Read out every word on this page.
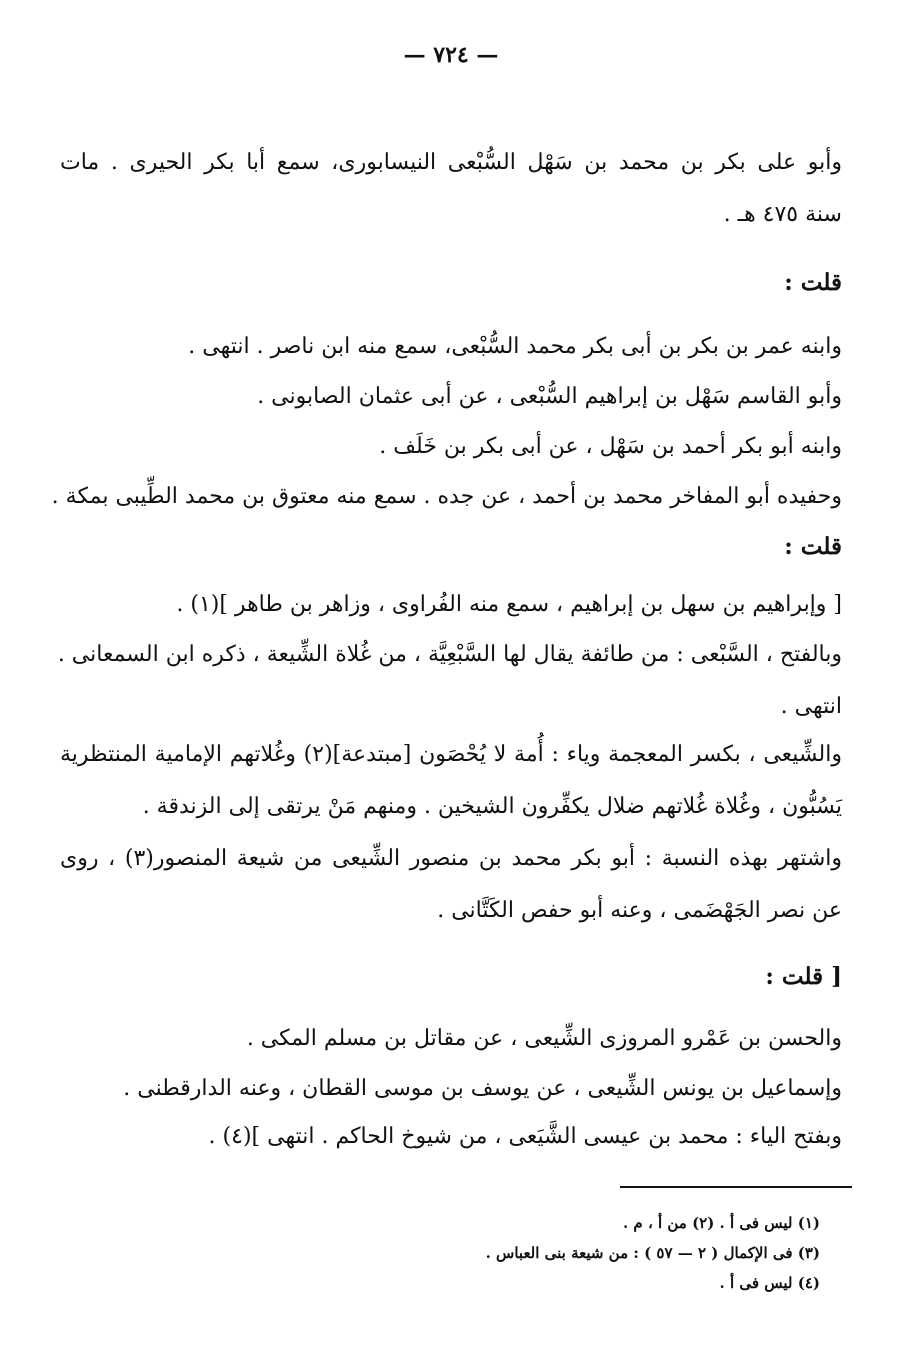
— ٧٢٤ —
وأبو على بكر بن محمد بن سَهْل السُّبْعى النيسابورى، سمع أبا بكر الحيرى . مات
سنة ٤٧٥ هـ .
قلت :
وابنه عمر بن بكر بن أبى بكر محمد السُّبْعى، سمع منه ابن ناصر . انتهى .
وأبو القاسم سَهْل بن إبراهيم السُّبْعى ، عن أبى عثمان الصابونى .
وابنه أبو بكر أحمد بن سَهْل ، عن أبى بكر بن خَلَف .
وحفيده أبو المفاخر محمد بن أحمد ، عن جده . سمع منه معتوق بن محمد الطِّيبى بمكة .
قلت :
[ وإبراهيم بن سهل بن إبراهيم ، سمع منه الفُراوى ، وزاهر بن طاهر ](١) .
وبالفتح ، السَّبْعى : من طائفة يقال لها السَّبْعِيَّة ، من غُلاة الشِّيعة ، ذكره ابن السمعانى .
انتهى .
والشِّيعى ، بكسر المعجمة وياء : أُمة لا يُحْصَون [مبتدعة](٢) وغُلاتهم الإمامية المنتظرية
يَسُبُّون ، وغُلاة غُلاتهم ضلال يكفِّرون الشيخين . ومنهم مَنْ يرتقى إلى الزندقة .
واشتهر بهذه النسبة : أبو بكر محمد بن منصور الشِّيعى من شيعة المنصور(٣) ، روى
عن نصر الجَهْضَمى ، وعنه أبو حفص الكَتَّانى .
[ قلت :
والحسن بن عَمْرو المروزى الشِّيعى ، عن مقاتل بن مسلم المكى .
وإسماعيل بن يونس الشِّيعى ، عن يوسف بن موسى القطان ، وعنه الدارقطنى .
وبفتح الياء : محمد بن عيسى الشَّيَعى ، من شيوخ الحاكم . انتهى ](٤) .
(١) ليس فى أ . (٢) من أ ، م .
(٣) فى الإكمال ( ٢ — ٥٧ ) : من شيعة بنى العباس .
(٤) ليس فى أ .
